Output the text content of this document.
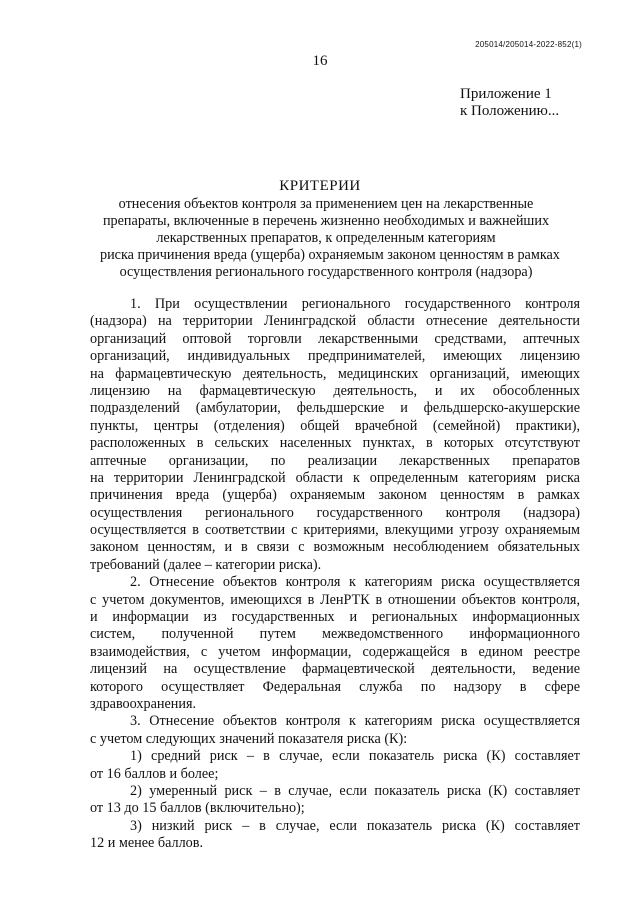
205014/205014-2022-852(1)
16
Приложение 1
к Положению...
КРИТЕРИИ
отнесения объектов контроля за применением цен на лекарственные
препараты, включенные в перечень жизненно необходимых и важнейших
лекарственных препаратов, к определенным категориям
риска причинения вреда (ущерба) охраняемым законом ценностям в рамках
осуществления регионального государственного контроля (надзора)
1. При осуществлении регионального государственного контроля
(надзора) на территории Ленинградской области отнесение деятельности
организаций оптовой торговли лекарственными средствами, аптечных
организаций, индивидуальных предпринимателей, имеющих лицензию
на фармацевтическую деятельность, медицинских организаций, имеющих
лицензию на фармацевтическую деятельность, и их обособленных
подразделений (амбулатории, фельдшерские и фельдшерско-акушерские
пункты, центры (отделения) общей врачебной (семейной) практики),
расположенных в сельских населенных пунктах, в которых отсутствуют
аптечные организации, по реализации лекарственных препаратов
на территории Ленинградской области к определенным категориям риска
причинения вреда (ущерба) охраняемым законом ценностям в рамках
осуществления регионального государственного контроля (надзора)
осуществляется в соответствии с критериями, влекущими угрозу охраняемым
законом ценностям, и в связи с возможным несоблюдением обязательных
требований (далее – категории риска).
2. Отнесение объектов контроля к категориям риска осуществляется
с учетом документов, имеющихся в ЛенРТК в отношении объектов контроля,
и информации из государственных и региональных информационных
систем, полученной путем межведомственного информационного
взаимодействия, с учетом информации, содержащейся в едином реестре
лицензий на осуществление фармацевтической деятельности, ведение
которого осуществляет Федеральная служба по надзору в сфере
здравоохранения.
3. Отнесение объектов контроля к категориям риска осуществляется
с учетом следующих значений показателя риска (К):
1) средний риск – в случае, если показатель риска (К) составляет
от 16 баллов и более;
2) умеренный риск – в случае, если показатель риска (К) составляет
от 13 до 15 баллов (включительно);
3) низкий риск – в случае, если показатель риска (К) составляет
12 и менее баллов.
